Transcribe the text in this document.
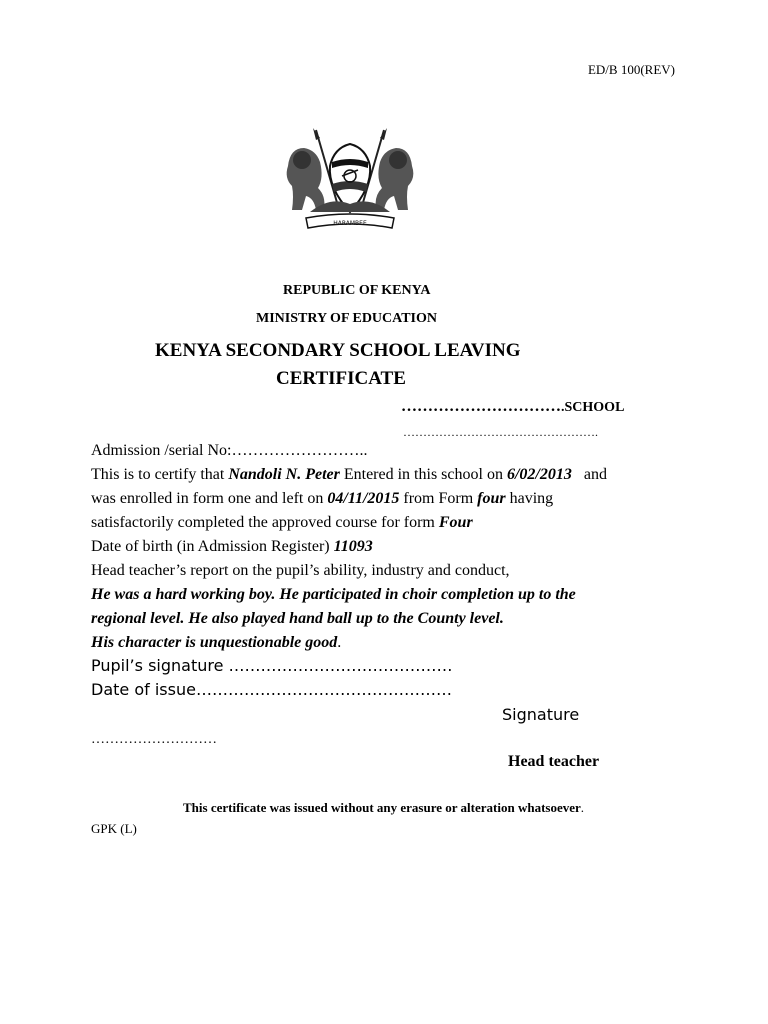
ED/B 100(REV)
HARAMBEE
REPUBLIC OF KENYA
MINISTRY OF EDUCATION
KENYA SECONDARY SCHOOL LEAVING
CERTIFICATE
………………………….SCHOOL
………………………………………….
Admission /serial No:……………………..
This is to certify that Nandoli N. Peter Entered in this school on 6/02/2013   and
was enrolled in form one and left on 04/11/2015 from Form four having
satisfactorily completed the approved course for form Four
Date of birth (in Admission Register) 11093
Head teacher’s report on the pupil’s ability, industry and conduct,
He was a hard working boy. He participated in choir completion up to the
regional level. He also played hand ball up to the County level.
His character is unquestionable good.
Pupil’s signature ……………………………………
Date of issue…………………………………………
Signature
………………………
Head teacher
This certificate was issued without any erasure or alteration whatsoever.
GPK (L)
